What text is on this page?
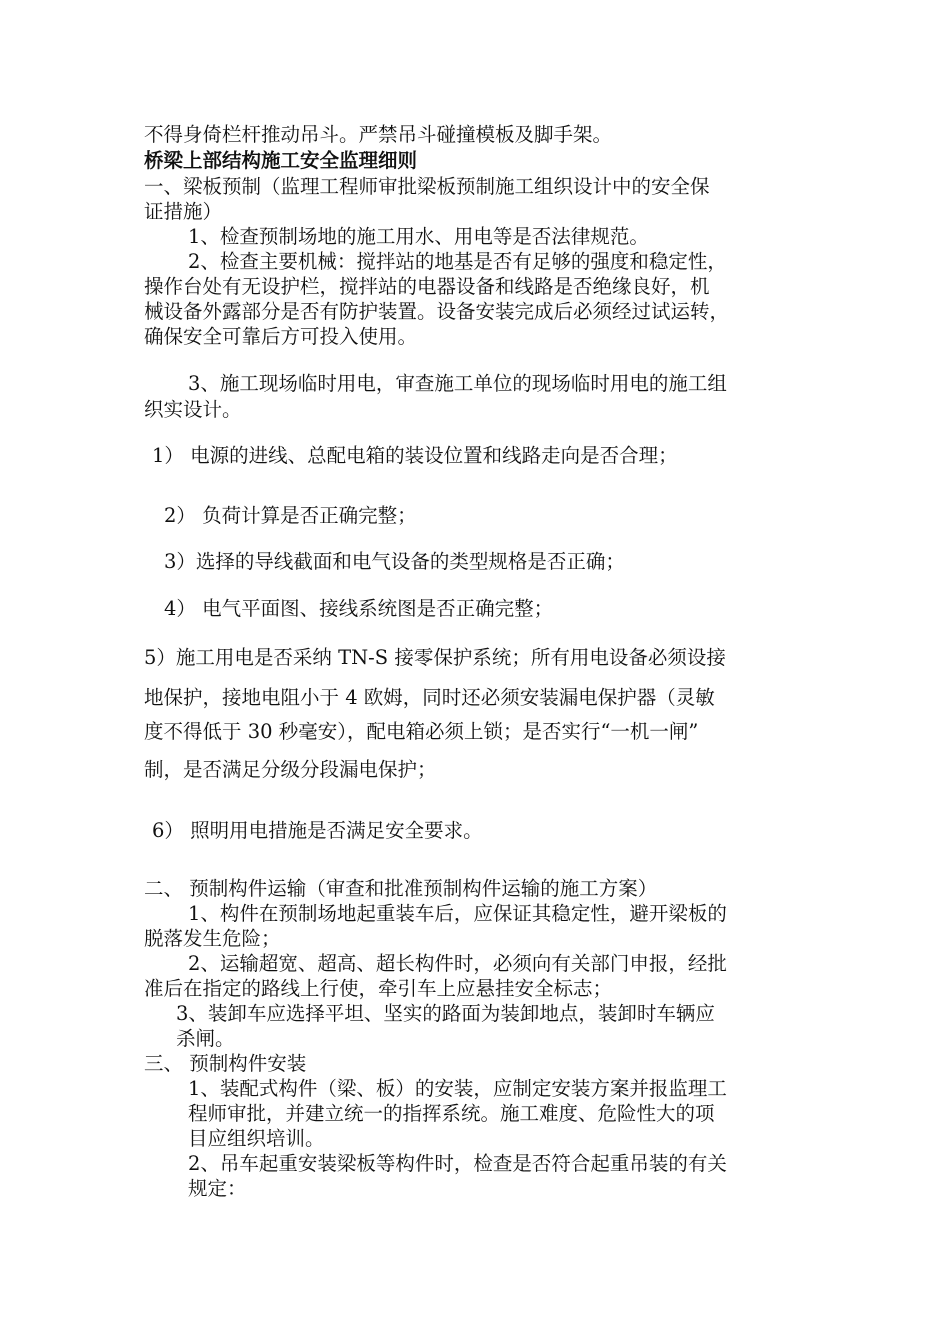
不得身倚栏杆推动吊斗。严禁吊斗碰撞模板及脚手架。
桥梁上部结构施工安全监理细则
一、梁板预制（监理工程师审批梁板预制施工组织设计中的安全保
证措施）
1、检查预制场地的施工用水、用电等是否法律规范。
2、检查主要机械：搅拌站的地基是否有足够的强度和稳定性，
操作台处有无设护栏，搅拌站的电器设备和线路是否绝缘良好，机
械设备外露部分是否有防护装置。设备安装完成后必须经过试运转，
确保安全可靠后方可投入使用。
3、施工现场临时用电，审查施工单位的现场临时用电的施工组
织实设计。
1） 电源的进线、总配电箱的装设位置和线路走向是否合理；
2） 负荷计算是否正确完整；
3）选择的导线截面和电气设备的类型规格是否正确；
4） 电气平面图、接线系统图是否正确完整；
5）施工用电是否采纳 TN-S 接零保护系统；所有用电设备必须设接
地保护，接地电阻小于 4 欧姆，同时还必须安装漏电保护器（灵敏
度不得低于 30 秒毫安），配电箱必须上锁；是否实行“一机一闸”
制，是否满足分级分段漏电保护；
6） 照明用电措施是否满足安全要求。
二、 预制构件运输（审查和批准预制构件运输的施工方案）
1、构件在预制场地起重装车后，应保证其稳定性，避开梁板的
脱落发生危险；
2、运输超宽、超高、超长构件时，必须向有关部门申报，经批
准后在指定的路线上行使，牵引车上应悬挂安全标志；
3、装卸车应选择平坦、坚实的路面为装卸地点，装卸时车辆应
杀闸。
三、 预制构件安装
1、装配式构件（梁、板）的安装，应制定安装方案并报监理工
程师审批，并建立统一的指挥系统。施工难度、危险性大的项
目应组织培训。
2、吊车起重安装梁板等构件时，检查是否符合起重吊装的有关
规定：
